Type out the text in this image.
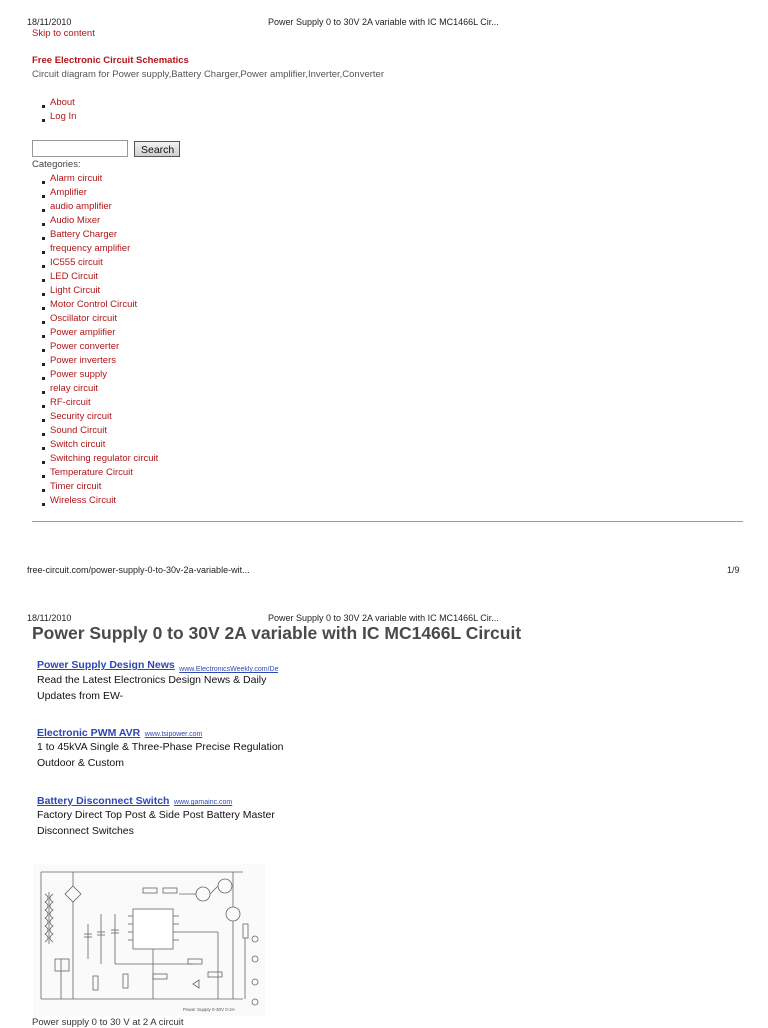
18/11/2010	Power Supply 0 to 30V 2A variable with IC MC1466L Cir...
Skip to content
Free Electronic Circuit Schematics
Circuit diagram for Power supply,Battery Charger,Power amplifier,Inverter,Converter
About
Log In
Search
Categories:
Alarm circuit
Amplifier
audio amplifier
Audio Mixer
Battery Charger
frequency amplifier
IC555 circuit
LED Circuit
Light Circuit
Motor Control Circuit
Oscillator circuit
Power amplifier
Power converter
Power inverters
Power supply
relay circuit
RF-circuit
Security circuit
Sound Circuit
Switch circuit
Switching regulator circuit
Temperature Circuit
Timer circuit
Wireless Circuit
free-circuit.com/power-supply-0-to-30v-2a-variable-wit...	1/9
18/11/2010	Power Supply 0 to 30V 2A variable with IC MC1466L Cir...
Power Supply 0 to 30V 2A variable with IC MC1466L Circuit
Power Supply Design News www.ElectronicsWeekly.com/De
Read the Latest Electronics Design News & Daily Updates from EW-
Electronic PWM AVR www.tsipower.com
1 to 45kVA Single & Three-Phase Precise Regulation Outdoor & Custom
Battery Disconnect Switch www.gamainc.com
Factory Direct Top Post & Side Post Battery Master Disconnect Switches
Power Supply 0-30V 0-2A
Power supply 0 to 30 V at 2 A circuit
